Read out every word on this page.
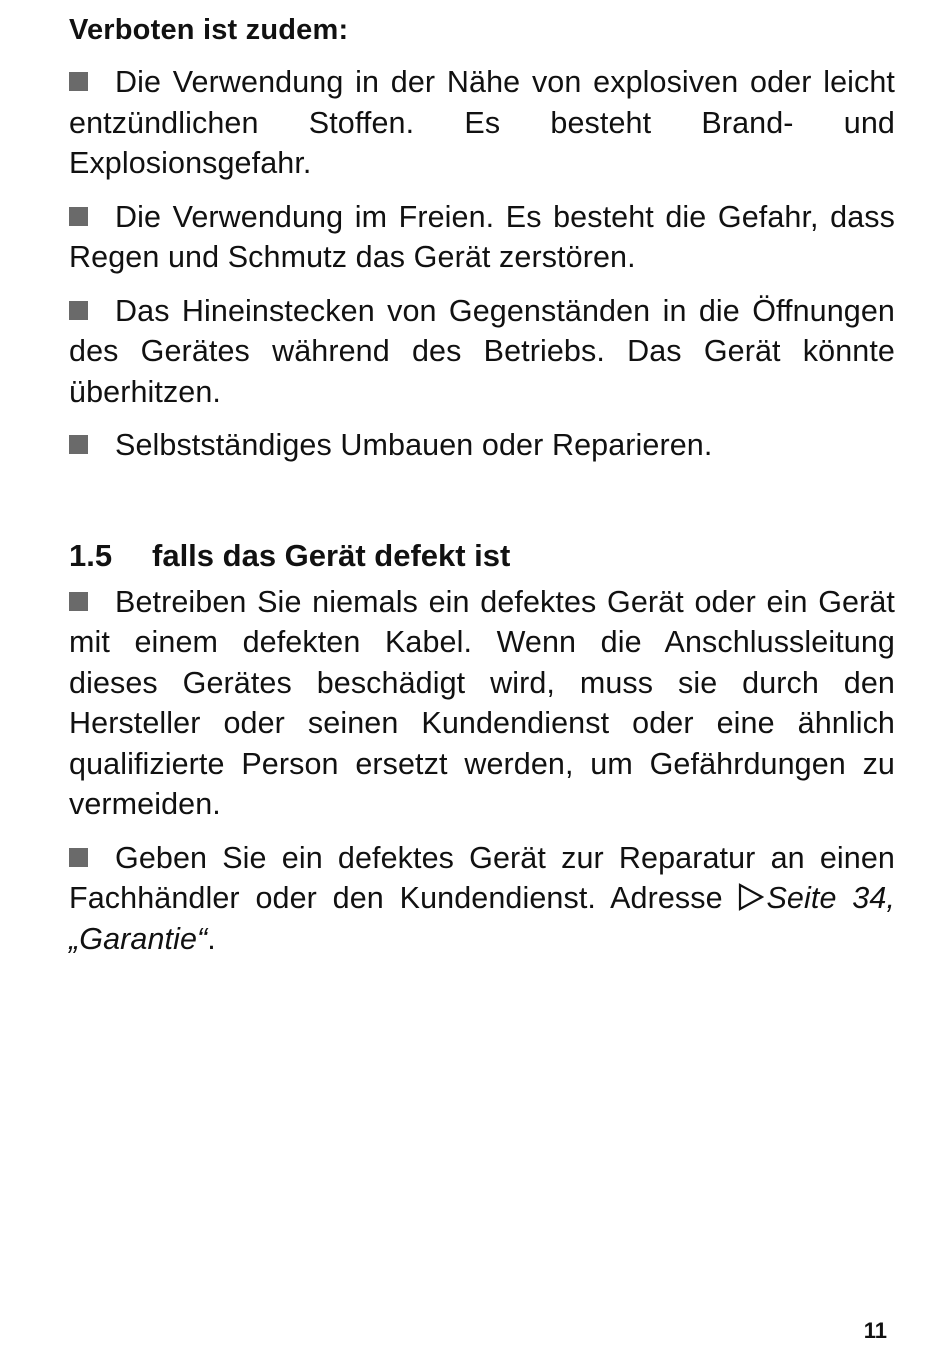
Verboten ist zudem:

Die Verwendung in der Nähe von explosiven oder leicht entzündlichen Stoffen. Es besteht Brand- und Explosionsgefahr.

Die Verwendung im Freien. Es besteht die Gefahr, dass Regen und Schmutz das Gerät zerstören.

Das Hineinstecken von Gegenständen in die Öffnungen des Gerätes während des Betriebs. Das Gerät könnte überhitzen.

Selbstständiges Umbauen oder Reparieren.

1.5 falls das Gerät defekt ist

Betreiben Sie niemals ein defektes Gerät oder ein Gerät mit einem defekten Kabel. Wenn die Anschlussleitung dieses Gerätes beschädigt wird, muss sie durch den Hersteller oder seinen Kundendienst oder eine ähnlich qualifizierte Person ersetzt werden, um Gefährdungen zu vermeiden.

Geben Sie ein defektes Gerät zur Reparatur an einen Fachhändler oder den Kundendienst. Adresse Seite 34, „Garantie“.

11
